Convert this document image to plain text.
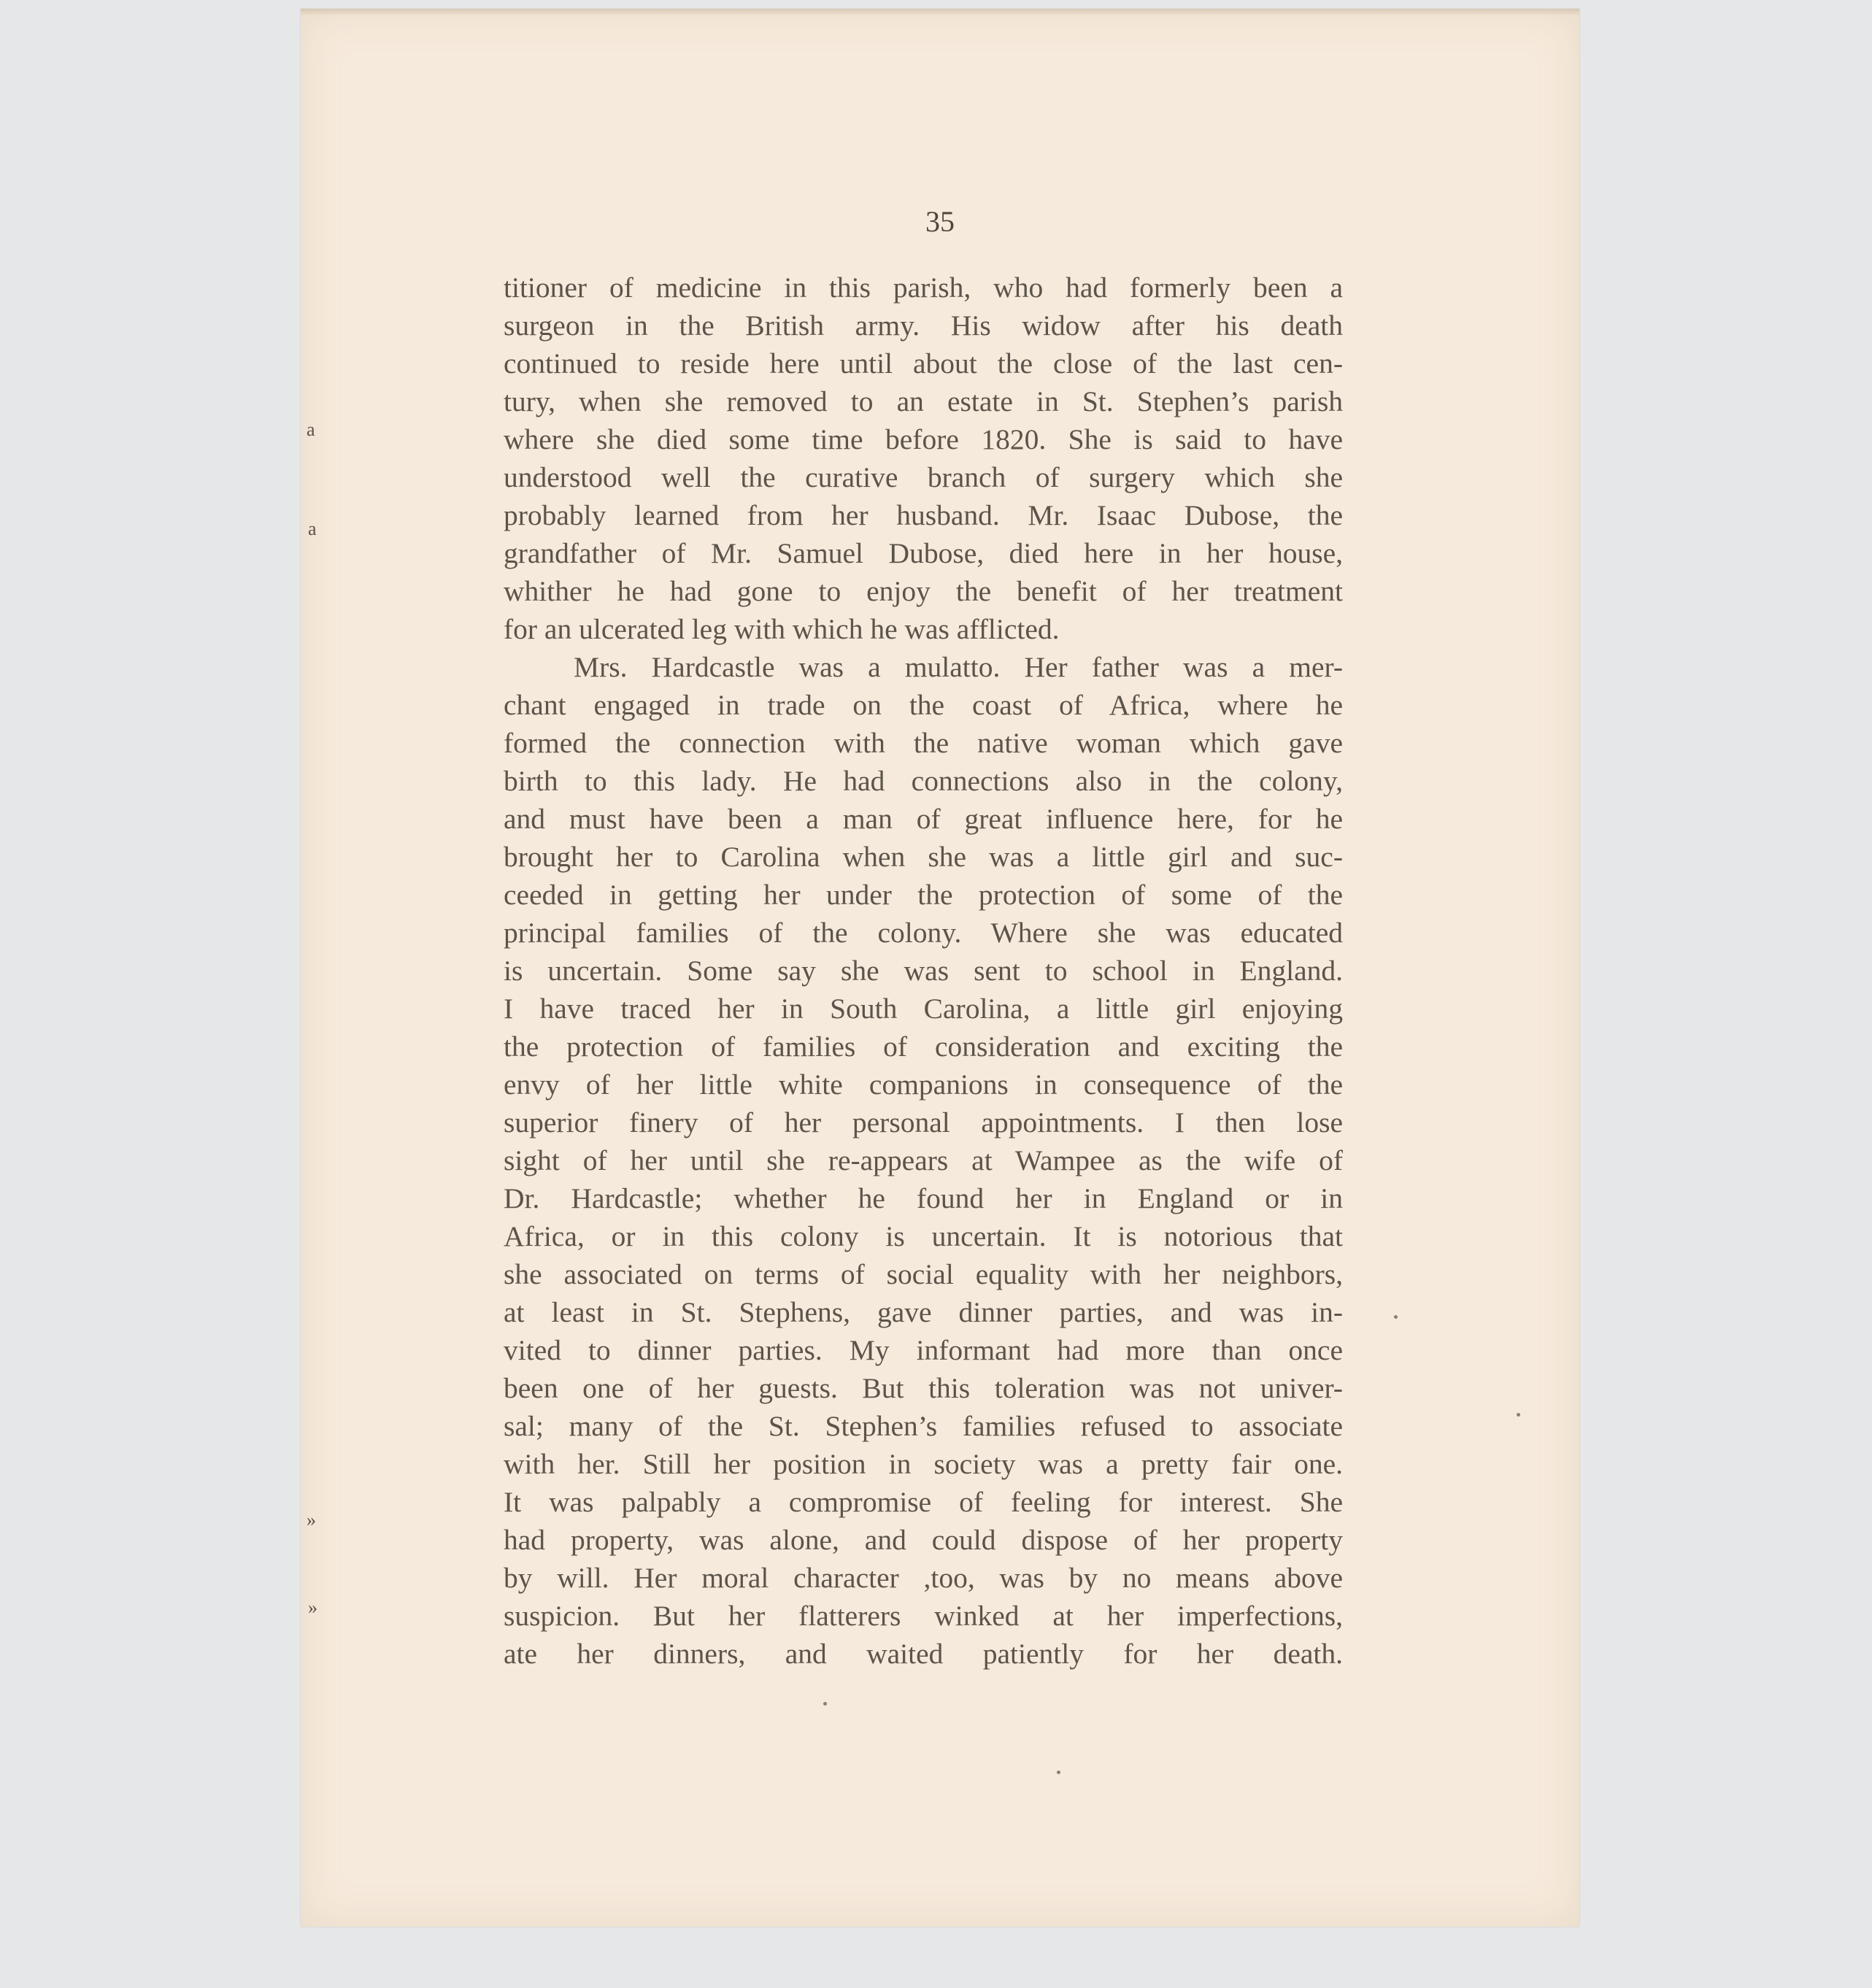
35
titioner of medicine in this parish, who had formerly been a
surgeon in the British army. His widow after his death
continued to reside here until about the close of the last cen-
tury, when she removed to an estate in St. Stephen’s parish
where she died some time before 1820. She is said to have
understood well the curative branch of surgery which she
probably learned from her husband. Mr. Isaac Dubose, the
grandfather of Mr. Samuel Dubose, died here in her house,
whither he had gone to enjoy the benefit of her treatment
for an ulcerated leg with which he was afflicted.
Mrs. Hardcastle was a mulatto. Her father was a mer-
chant engaged in trade on the coast of Africa, where he
formed the connection with the native woman which gave
birth to this lady. He had connections also in the colony,
and must have been a man of great influence here, for he
brought her to Carolina when she was a little girl and suc-
ceeded in getting her under the protection of some of the
principal families of the colony. Where she was educated
is uncertain. Some say she was sent to school in England.
I have traced her in South Carolina, a little girl enjoying
the protection of families of consideration and exciting the
envy of her little white companions in consequence of the
superior finery of her personal appointments. I then lose
sight of her until she re-appears at Wampee as the wife of
Dr. Hardcastle; whether he found her in England or in
Africa, or in this colony is uncertain. It is notorious that
she associated on terms of social equality with her neighbors,
at least in St. Stephens, gave dinner parties, and was in-
vited to dinner parties. My informant had more than once
been one of her guests. But this toleration was not univer-
sal; many of the St. Stephen’s families refused to associate
with her. Still her position in society was a pretty fair one.
It was palpably a compromise of feeling for interest. She
had property, was alone, and could dispose of her property
by will. Her moral character ,too, was by no means above
suspicion. But her flatterers winked at her imperfections,
ate her dinners, and waited patiently for her death.
a
a
»
»
